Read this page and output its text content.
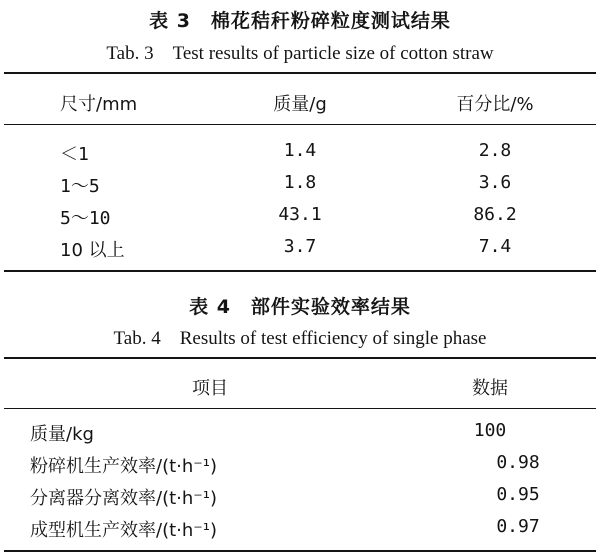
表 3　棉花秸秆粉碎粒度测试结果
Tab. 3　Test results of particle size of cotton straw
尺寸/mm	质量/g	百分比/%
＜1	1.4	2.8
1～5	1.8	3.6
5～10	43.1	86.2
10 以上	3.7	7.4
表 4　部件实验效率结果
Tab. 4　Results of test efficiency of single phase
项目	数据
质量/kg	100
粉碎机生产效率/(t·h⁻¹)	0.98
分离器分离效率/(t·h⁻¹)	0.95
成型机生产效率/(t·h⁻¹)	0.97
